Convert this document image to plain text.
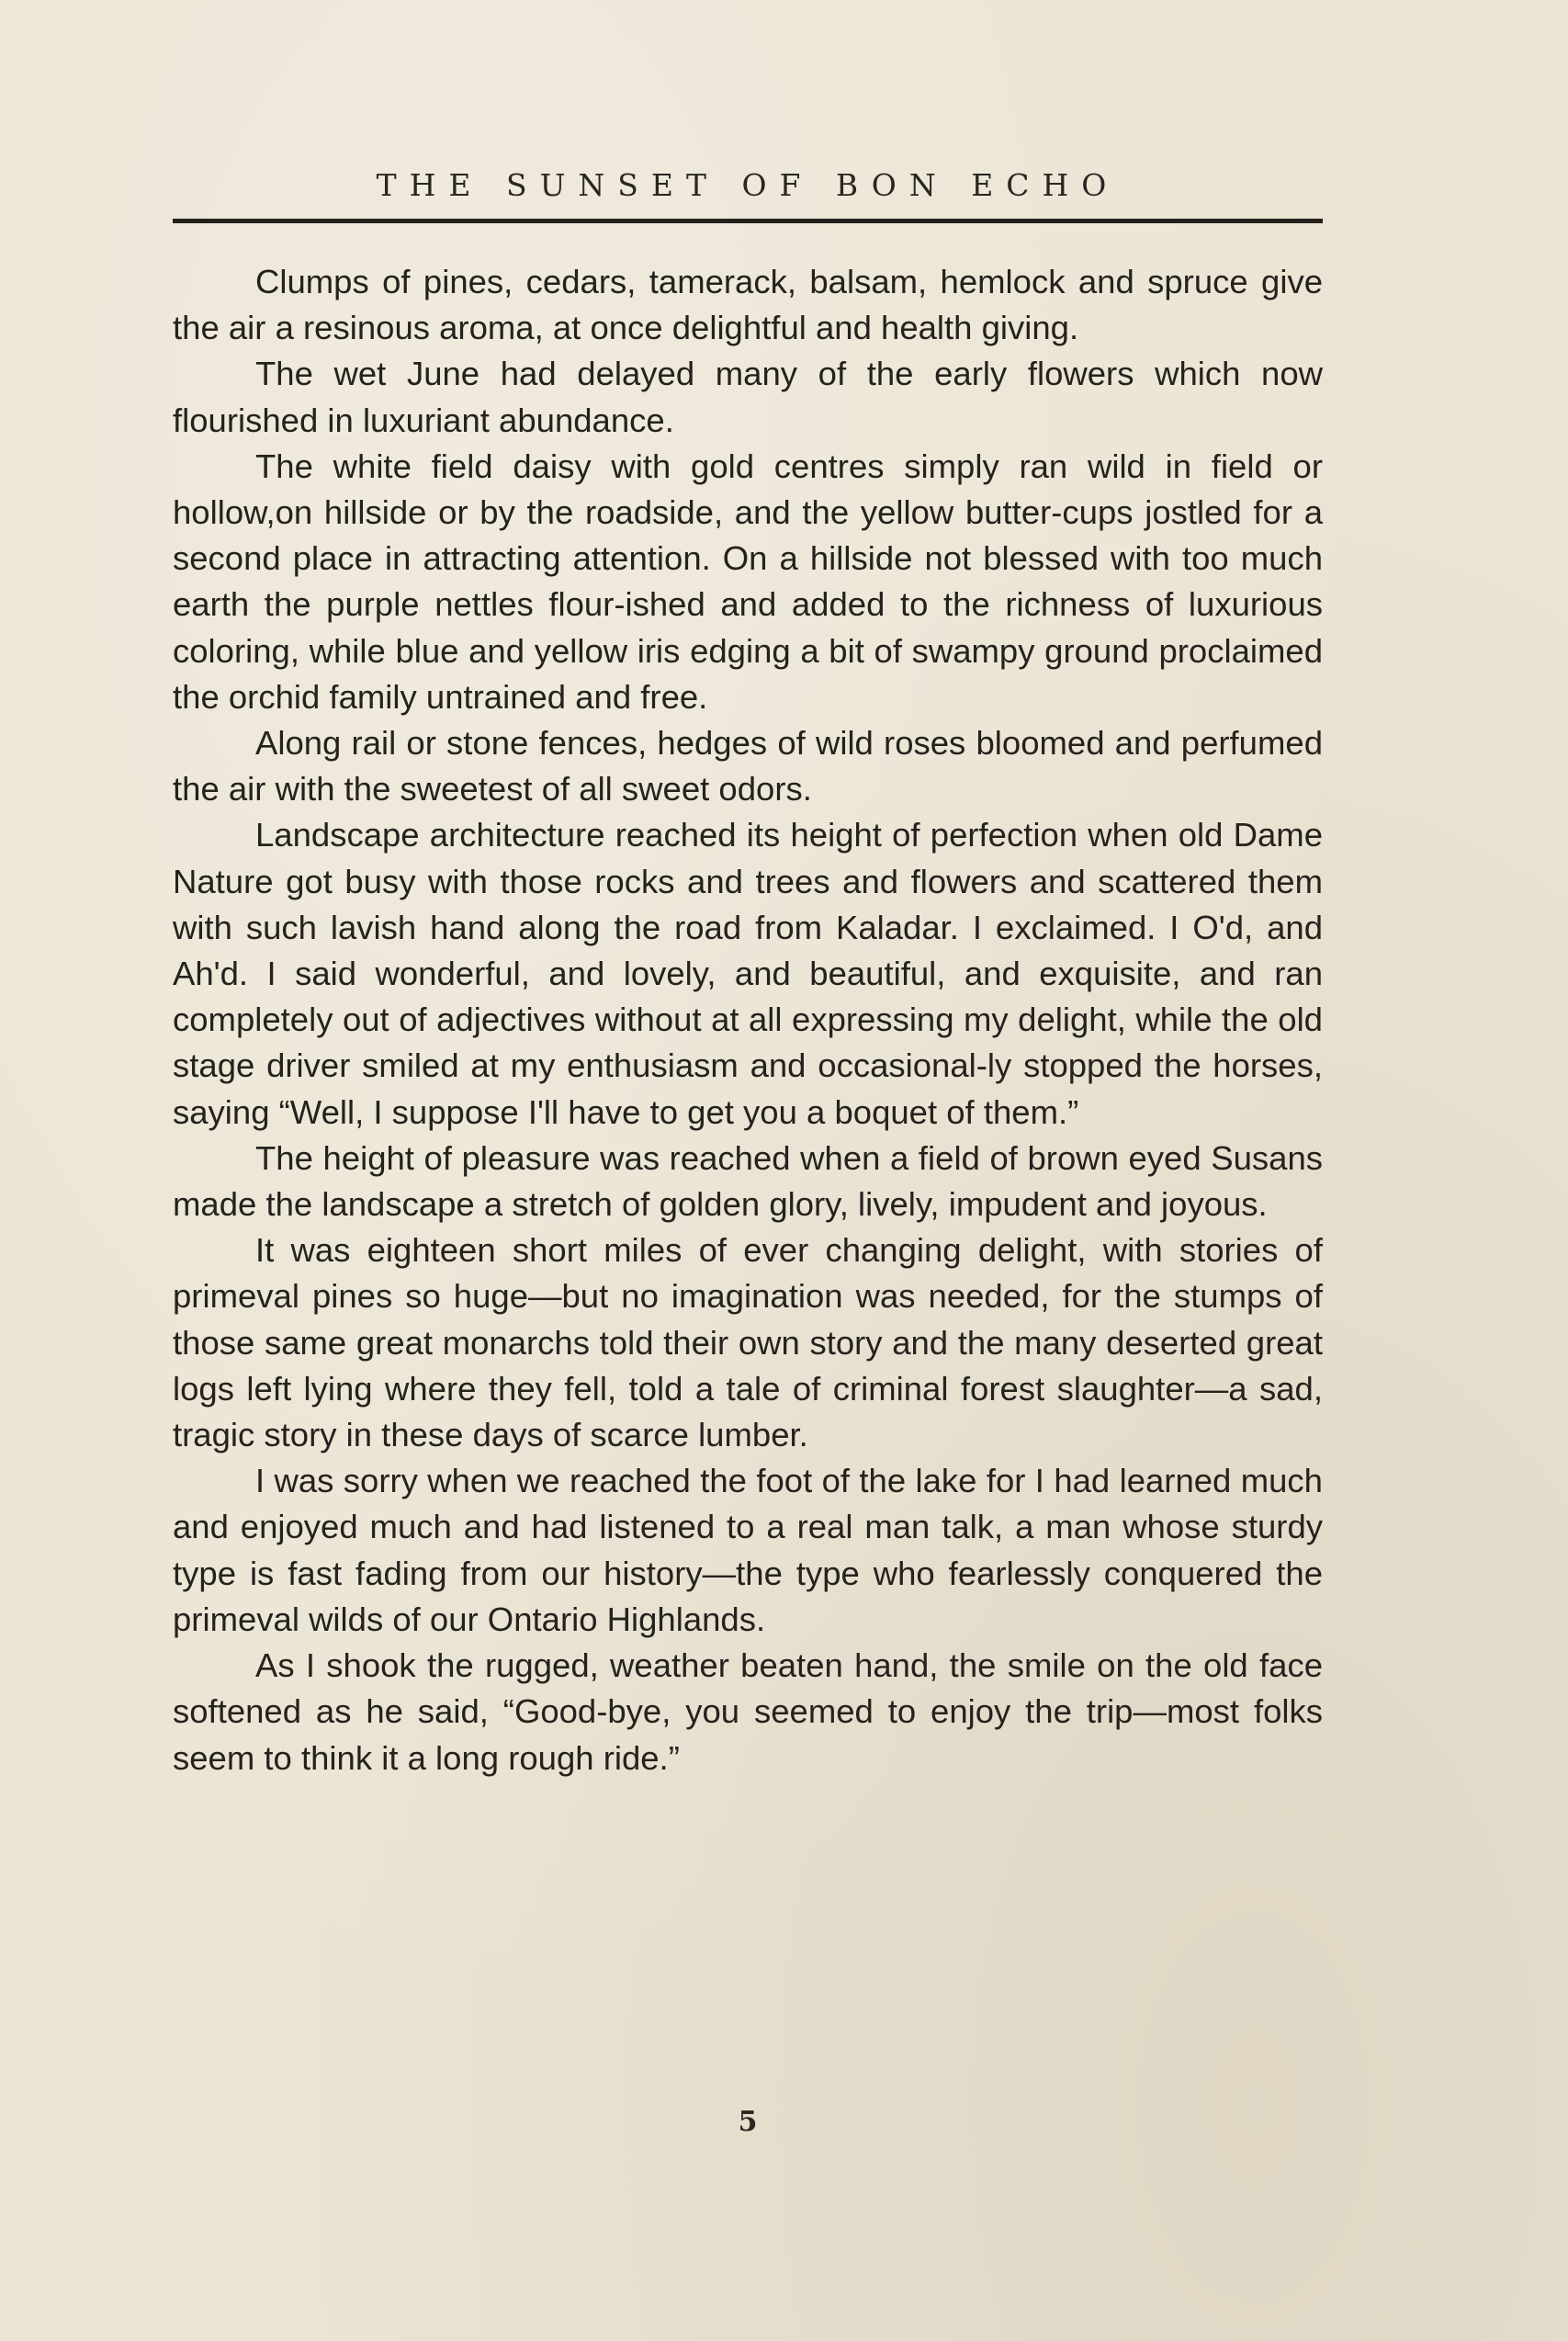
THE SUNSET OF BON ECHO

Clumps of pines, cedars, tamerack, balsam, hemlock and spruce give the air a resinous aroma, at once delightful and health giving.

The wet June had delayed many of the early flowers which now flourished in luxuriant abundance.

The white field daisy with gold centres simply ran wild in field or hollow,on hillside or by the roadside, and the yellow butter-cups jostled for a second place in attracting attention. On a hillside not blessed with too much earth the purple nettles flour-ished and added to the richness of luxurious coloring, while blue and yellow iris edging a bit of swampy ground proclaimed the orchid family untrained and free.

Along rail or stone fences, hedges of wild roses bloomed and perfumed the air with the sweetest of all sweet odors.

Landscape architecture reached its height of perfection when old Dame Nature got busy with those rocks and trees and flowers and scattered them with such lavish hand along the road from Kaladar. I exclaimed. I O'd, and Ah'd. I said wonderful, and lovely, and beautiful, and exquisite, and ran completely out of adjectives without at all expressing my delight, while the old stage driver smiled at my enthusiasm and occasional-ly stopped the horses, saying “Well, I suppose I'll have to get you a boquet of them.”

The height of pleasure was reached when a field of brown eyed Susans made the landscape a stretch of golden glory, lively, impudent and joyous.

It was eighteen short miles of ever changing delight, with stories of primeval pines so huge—but no imagination was needed, for the stumps of those same great monarchs told their own story and the many deserted great logs left lying where they fell, told a tale of criminal forest slaughter—a sad, tragic story in these days of scarce lumber.

I was sorry when we reached the foot of the lake for I had learned much and enjoyed much and had listened to a real man talk, a man whose sturdy type is fast fading from our history—the type who fearlessly conquered the primeval wilds of our Ontario Highlands.

As I shook the rugged, weather beaten hand, the smile on the old face softened as he said, “Good-bye, you seemed to enjoy the trip—most folks seem to think it a long rough ride.”

5
